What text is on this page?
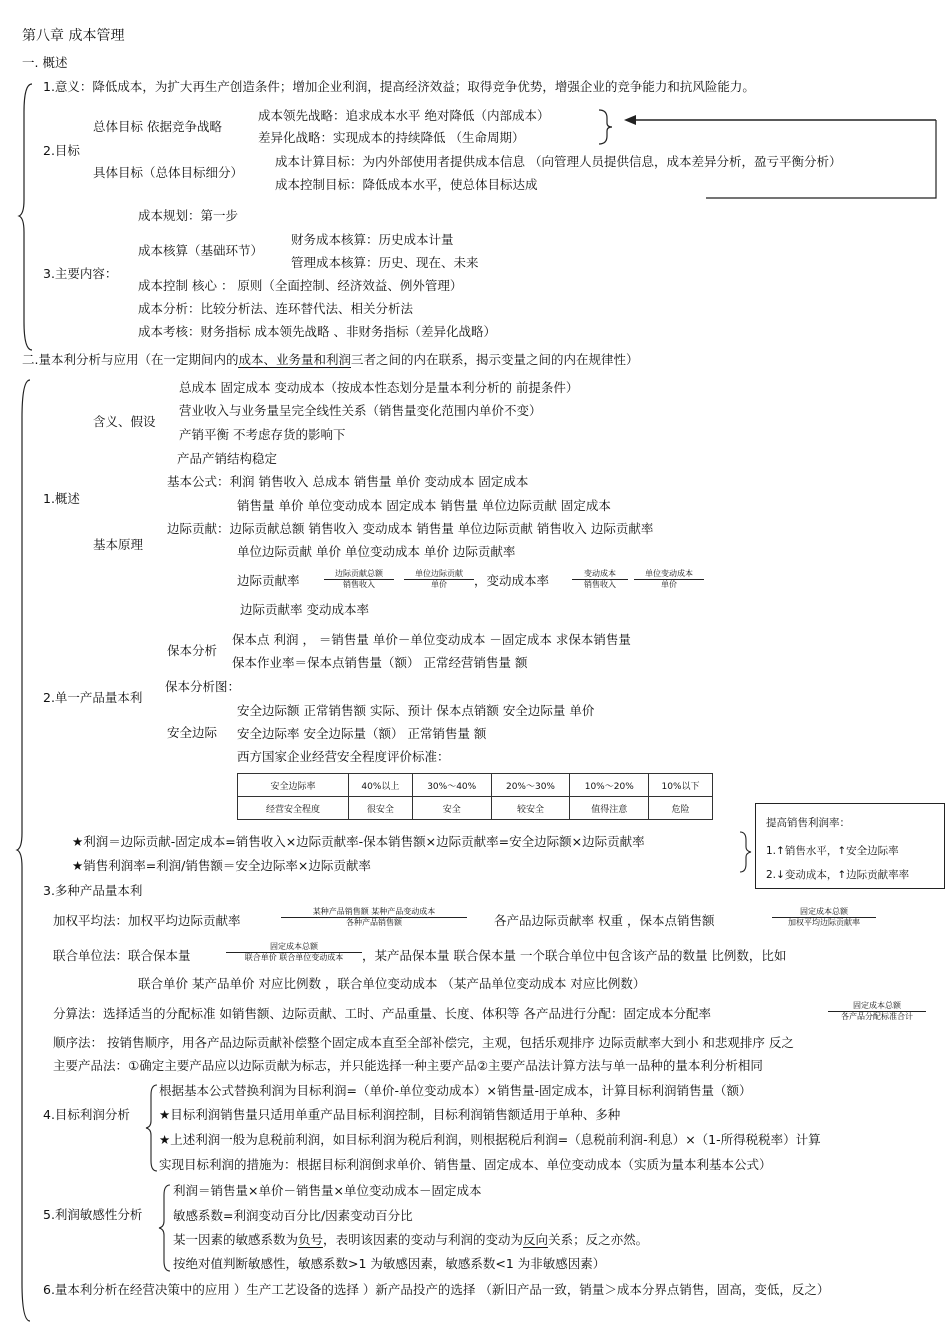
第八章 成本管理
一. 概述
1.意义：降低成本，为扩大再生产创造条件；增加企业利润，提高经济效益；取得竞争优势，增强企业的竞争能力和抗风险能力。
2.目标
总体目标 依据竞争战略
成本领先战略：追求成本水平 绝对降低（内部成本）
差异化战略：实现成本的持续降低 （生命周期）
具体目标（总体目标细分）
成本计算目标：为内外部使用者提供成本信息 （向管理人员提供信息，成本差异分析，盈亏平衡分析）
成本控制目标：降低成本水平，使总体目标达成
3.主要内容：
成本规划：第一步
成本核算（基础环节）
财务成本核算：历史成本计量
管理成本核算：历史、现在、未来
成本控制 核心 ： 原则（全面控制、经济效益、例外管理）
成本分析：比较分析法、连环替代法、相关分析法
成本考核：财务指标 成本领先战略 、非财务指标（差异化战略）
二.量本利分析与应用（在一定期间内的成本、业务量和利润三者之间的内在联系，揭示变量之间的内在规律性）
1.概述
含义、假设
总成本 固定成本 变动成本（按成本性态划分是量本利分析的 前提条件）
营业收入与业务量呈完全线性关系（销售量变化范围内单价不变）
产销平衡 不考虑存货的影响下
产品产销结构稳定
基本原理
基本公式：利润 销售收入 总成本 销售量 单价 变动成本 固定成本
销售量 单价 单位变动成本 固定成本 销售量 单位边际贡献 固定成本
边际贡献：边际贡献总额 销售收入 变动成本 销售量 单位边际贡献 销售收入 边际贡献率
单位边际贡献 单价 单位变动成本 单价 边际贡献率
边际贡献率	边际贡献总额
销售收入
单位边际贡献
单价	，变动成本率	变动成本
销售收入
单位变动成本
单价
边际贡献率 变动成本率
2.单一产品量本利
保本分析
保本点 利润 ， ＝销售量 单价－单位变动成本 －固定成本 求保本销售量
保本作业率＝保本点销售量（额） 正常经营销售量 额
保本分析图：
安全边际
安全边际额 正常销售额 实际、预计 保本点销额 安全边际量 单价
安全边际率 安全边际量（额） 正常销售量 额
西方国家企业经营安全程度评价标准：
安全边际率	40%以上	30%～40%	20%～30%	10%～20%	10%以下
经营安全程度	很安全	安全	较安全	值得注意	危险
★利润＝边际贡献-固定成本=销售收入×边际贡献率-保本销售额×边际贡献率=安全边际额×边际贡献率
★销售利润率=利润/销售额＝安全边际率×边际贡献率
提高销售利润率：
1.↑销售水平，↑安全边际率
2.↓变动成本，↑边际贡献率率
3.多种产品量本利
加权平均法：加权平均边际贡献率
某种产品销售额 某种产品变动成本
各种产品销售额	各产品边际贡献率 权重 ，保本点销售额
固定成本总额
加权平均边际贡献率
联合单位法：联合保本量
固定成本总额
联合单价 联合单位变动成本	，某产品保本量 联合保本量 一个联合单位中包含该产品的数量 比例数，比如
联合单价 某产品单价 对应比例数 ，联合单位变动成本 （某产品单位变动成本 对应比例数）
分算法：选择适当的分配标准 如销售额、边际贡献、工时、产品重量、长度、体积等 各产品进行分配：固定成本分配率
固定成本总额
各产品分配标准合计
顺序法： 按销售顺序，用各产品边际贡献补偿整个固定成本直至全部补偿完，主观，包括乐观排序 边际贡献率大到小 和悲观排序 反之
主要产品法：①确定主要产品应以边际贡献为标志，并只能选择一种主要产品②主要产品法计算方法与单一品种的量本利分析相同
4.目标利润分析
根据基本公式替换利润为目标利润=（单价-单位变动成本）×销售量-固定成本，计算目标利润销售量（额）
★目标利润销售量只适用单重产品目标利润控制，目标利润销售额适用于单种、多种
★上述利润一般为息税前利润，如目标利润为税后利润，则根据税后利润=（息税前利润-利息）×（1-所得税税率）计算
实现目标利润的措施为：根据目标利润倒求单价、销售量、固定成本、单位变动成本（实质为量本利基本公式）
5.利润敏感性分析
利润＝销售量×单价－销售量×单位变动成本－固定成本
敏感系数=利润变动百分比/因素变动百分比
某一因素的敏感系数为负号，表明该因素的变动与利润的变动为反向关系；反之亦然。
按绝对值判断敏感性，敏感系数>1 为敏感因素，敏感系数<1 为非敏感因素）
6.量本利分析在经营决策中的应用 ）生产工艺设备的选择 ）新产品投产的选择 （新旧产品一致，销量＞成本分界点销售，固高，变低，反之）
